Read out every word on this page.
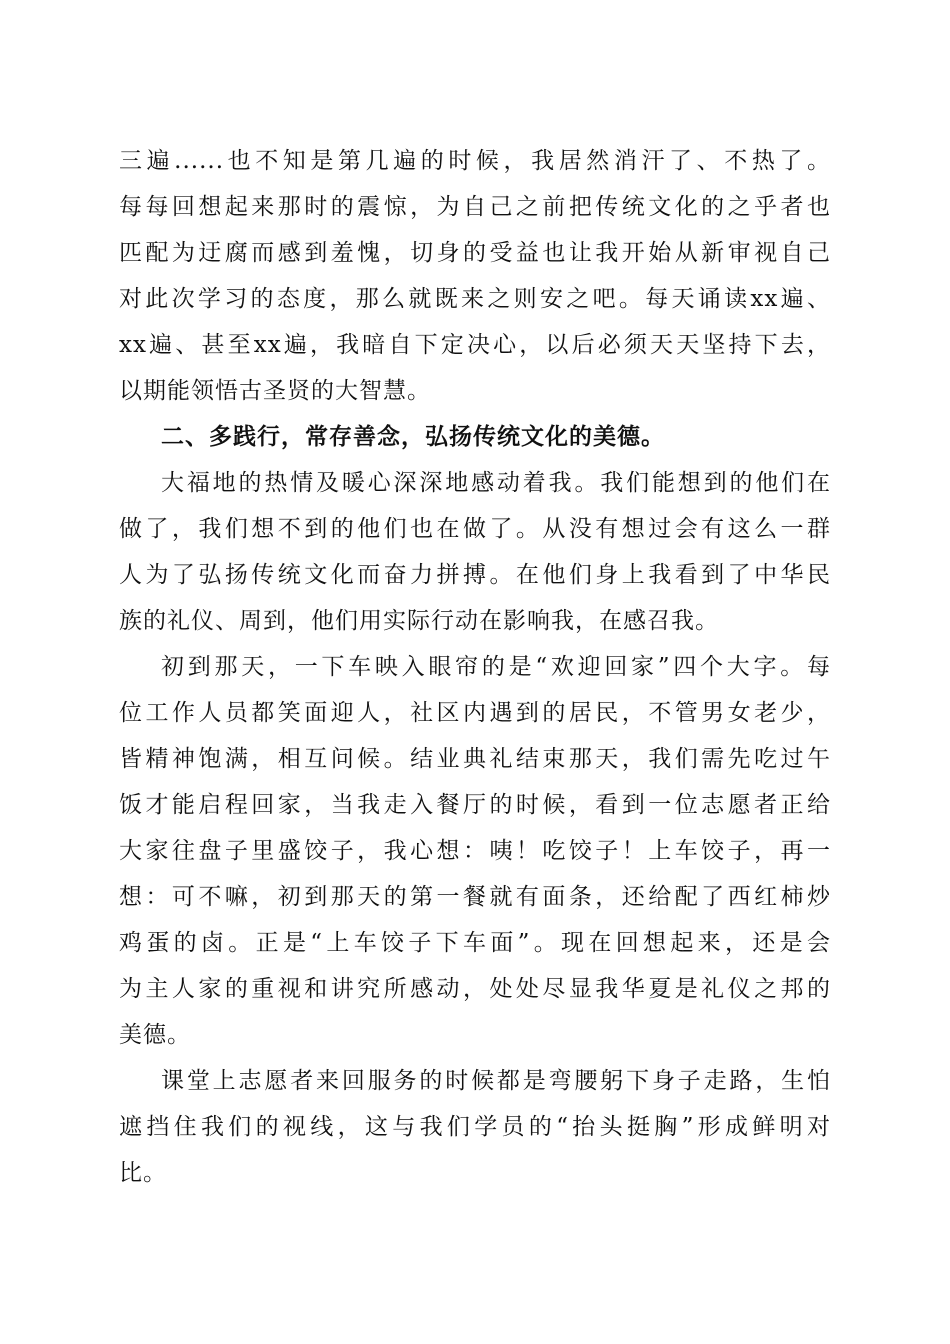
三遍......也不知是第几遍的时候，我居然消汗了、不热了。
每每回想起来那时的震惊，为自己之前把传统文化的之乎者也
匹配为迂腐而感到羞愧，切身的受益也让我开始从新审视自己
对此次学习的态度，那么就既来之则安之吧。每天诵读xx遍、
xx遍、甚至xx遍，我暗自下定决心，以后必须天天坚持下去，
以期能领悟古圣贤的大智慧。
二、多践行，常存善念，弘扬传统文化的美德。
大福地的热情及暖心深深地感动着我。我们能想到的他们在
做了，我们想不到的他们也在做了。从没有想过会有这么一群
人为了弘扬传统文化而奋力拼搏。在他们身上我看到了中华民
族的礼仪、周到，他们用实际行动在影响我，在感召我。
初到那天，一下车映入眼帘的是“欢迎回家”四个大字。每
位工作人员都笑面迎人，社区内遇到的居民，不管男女老少，
皆精神饱满，相互问候。结业典礼结束那天，我们需先吃过午
饭才能启程回家，当我走入餐厅的时候，看到一位志愿者正给
大家往盘子里盛饺子，我心想：咦！吃饺子！上车饺子，再一
想：可不嘛，初到那天的第一餐就有面条，还给配了西红柿炒
鸡蛋的卤。正是“上车饺子下车面”。现在回想起来，还是会
为主人家的重视和讲究所感动，处处尽显我华夏是礼仪之邦的
美德。
课堂上志愿者来回服务的时候都是弯腰躬下身子走路，生怕
遮挡住我们的视线，这与我们学员的“抬头挺胸”形成鲜明对
比。
